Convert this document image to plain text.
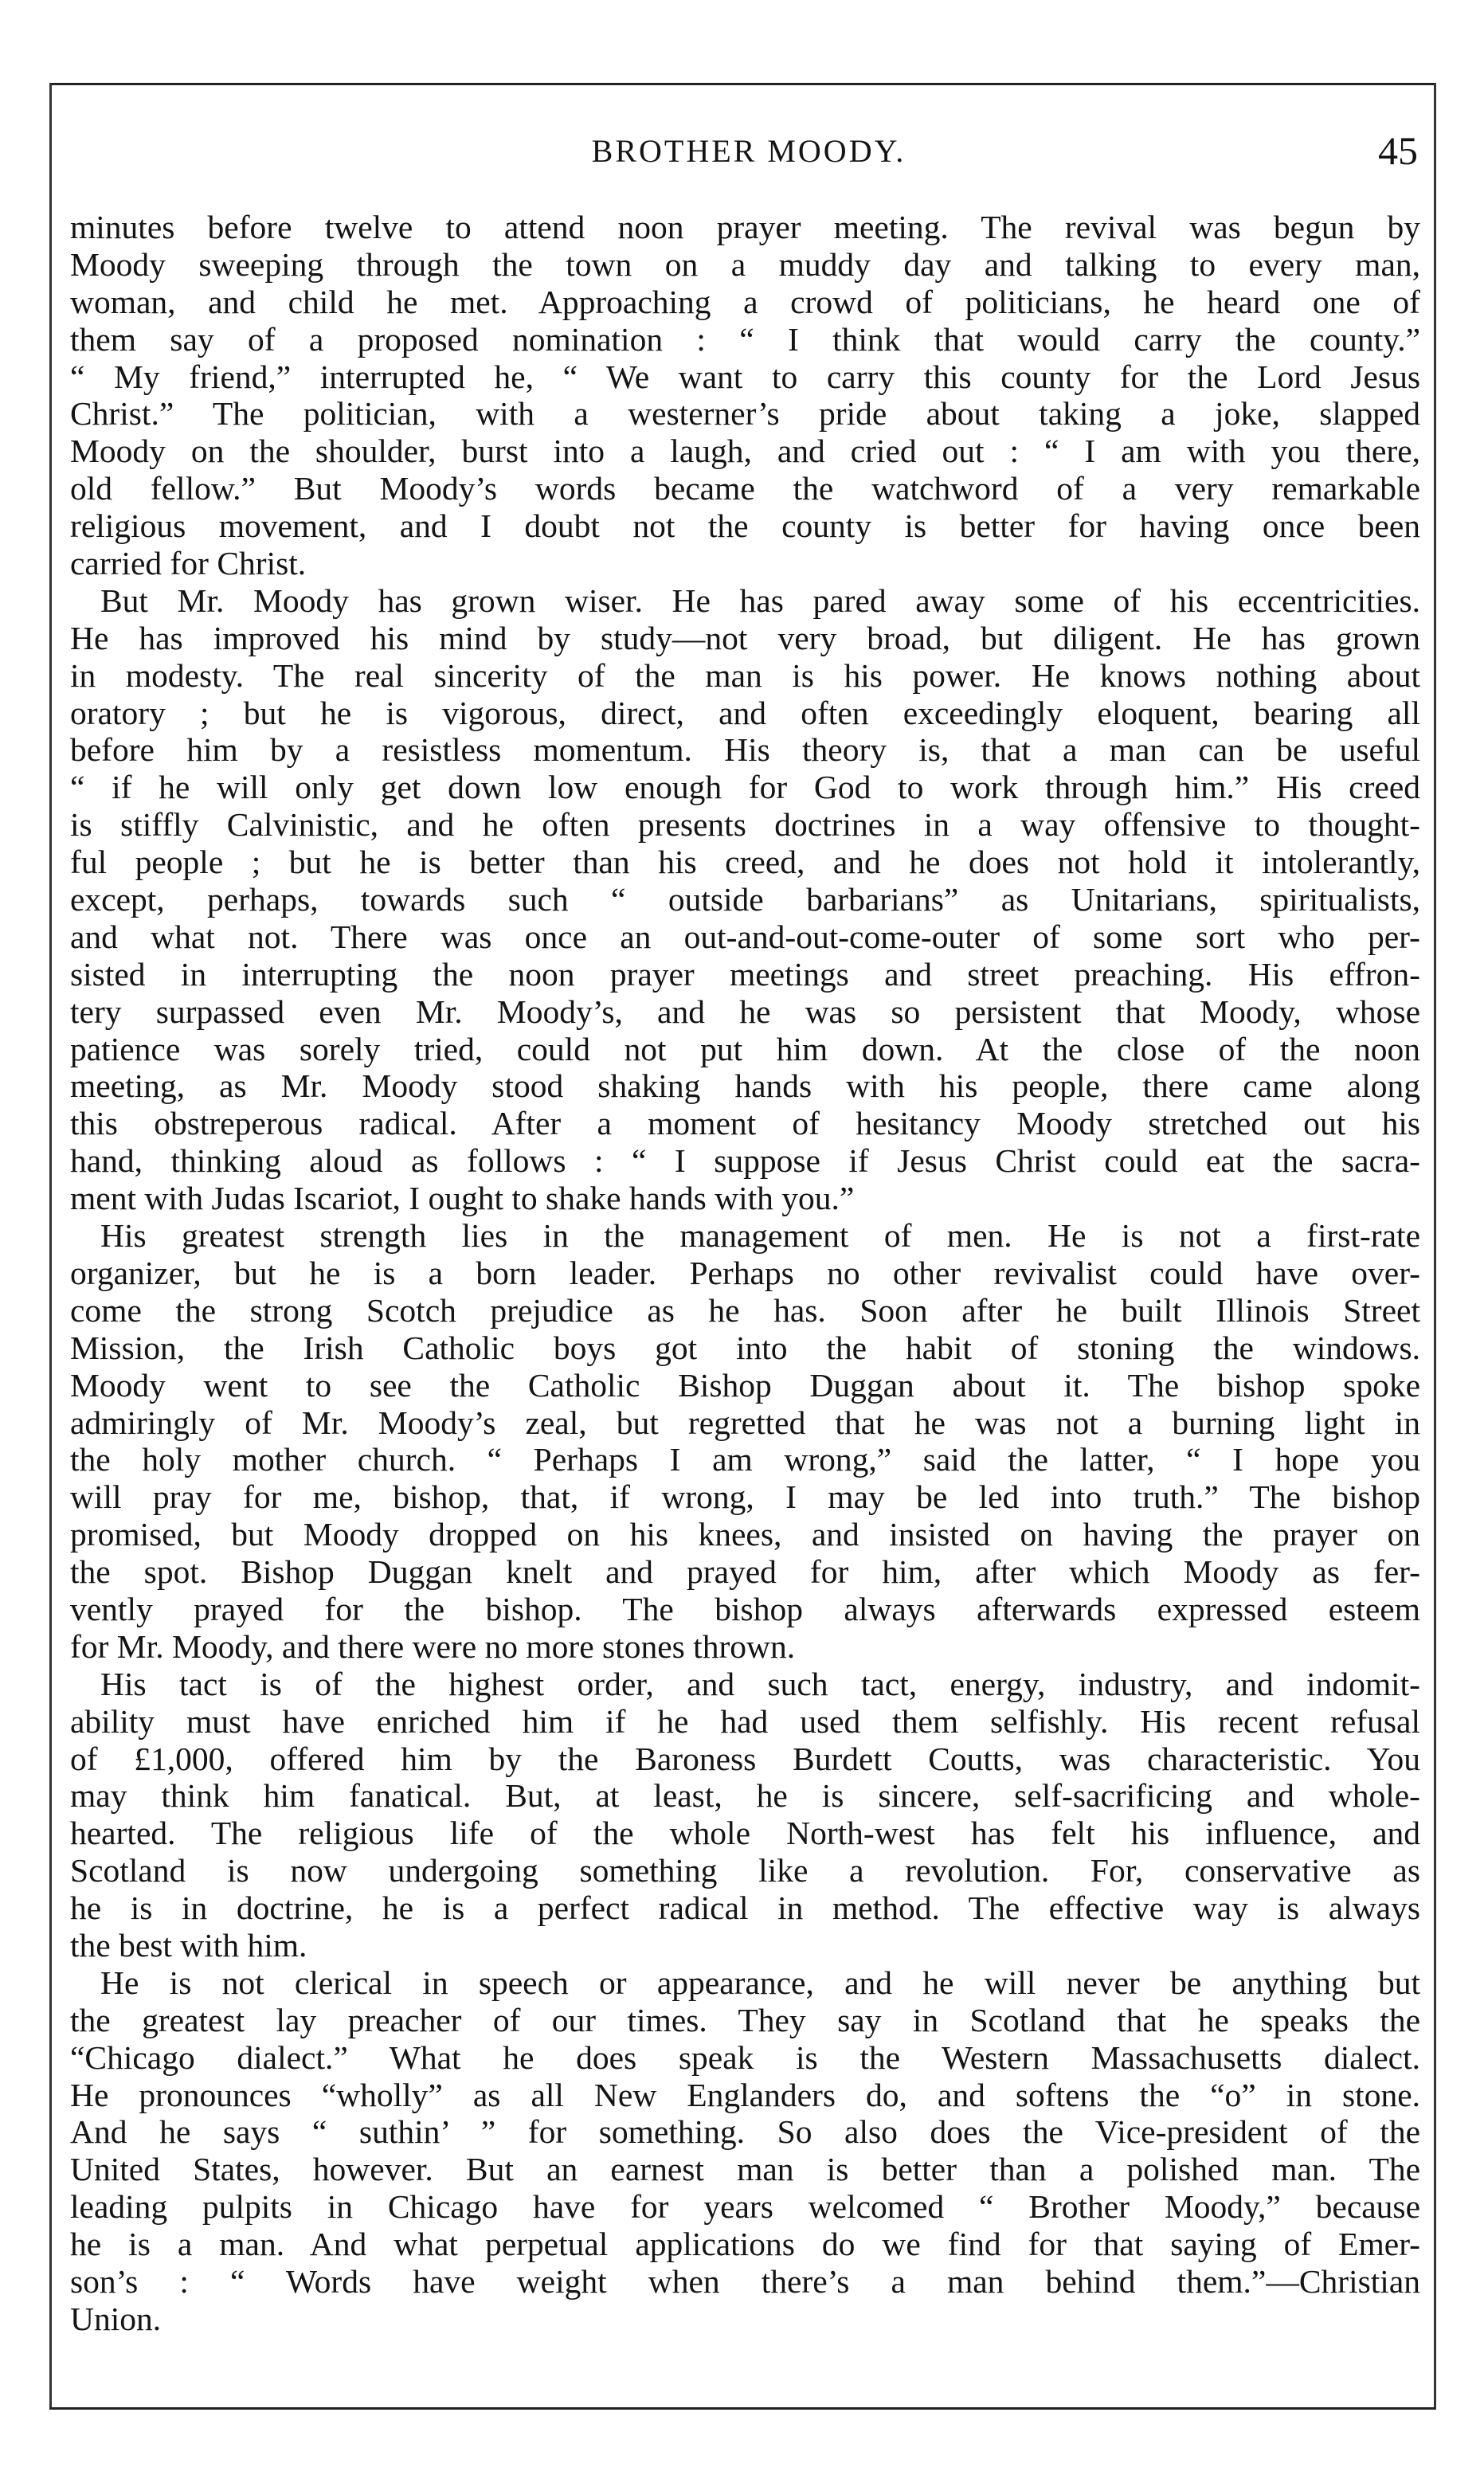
BROTHER MOODY.	45
minutes before twelve to attend noon prayer meeting. The revival was begun by
Moody sweeping through the town on a muddy day and talking to every man,
woman, and child he met. Approaching a crowd of politicians, he heard one of
them say of a proposed nomination : “ I think that would carry the county.”
“ My friend,” interrupted he, “ We want to carry this county for the Lord Jesus
Christ.” The politician, with a westerner’s pride about taking a joke, slapped
Moody on the shoulder, burst into a laugh, and cried out : “ I am with you there,
old fellow.” But Moody’s words became the watchword of a very remarkable
religious movement, and I doubt not the county is better for having once been
carried for Christ.
But Mr. Moody has grown wiser. He has pared away some of his eccentricities.
He has improved his mind by study—not very broad, but diligent. He has grown
in modesty. The real sincerity of the man is his power. He knows nothing about
oratory ; but he is vigorous, direct, and often exceedingly eloquent, bearing all
before him by a resistless momentum. His theory is, that a man can be useful
“ if he will only get down low enough for God to work through him.” His creed
is stiffly Calvinistic, and he often presents doctrines in a way offensive to thought-
ful people ; but he is better than his creed, and he does not hold it intolerantly,
except, perhaps, towards such “ outside barbarians” as Unitarians, spiritualists,
and what not. There was once an out-and-out-come-outer of some sort who per-
sisted in interrupting the noon prayer meetings and street preaching. His effron-
tery surpassed even Mr. Moody’s, and he was so persistent that Moody, whose
patience was sorely tried, could not put him down. At the close of the noon
meeting, as Mr. Moody stood shaking hands with his people, there came along
this obstreperous radical. After a moment of hesitancy Moody stretched out his
hand, thinking aloud as follows : “ I suppose if Jesus Christ could eat the sacra-
ment with Judas Iscariot, I ought to shake hands with you.”
His greatest strength lies in the management of men. He is not a first-rate
organizer, but he is a born leader. Perhaps no other revivalist could have over-
come the strong Scotch prejudice as he has. Soon after he built Illinois Street
Mission, the Irish Catholic boys got into the habit of stoning the windows.
Moody went to see the Catholic Bishop Duggan about it. The bishop spoke
admiringly of Mr. Moody’s zeal, but regretted that he was not a burning light in
the holy mother church. “ Perhaps I am wrong,” said the latter, “ I hope you
will pray for me, bishop, that, if wrong, I may be led into truth.” The bishop
promised, but Moody dropped on his knees, and insisted on having the prayer on
the spot. Bishop Duggan knelt and prayed for him, after which Moody as fer-
vently prayed for the bishop. The bishop always afterwards expressed esteem
for Mr. Moody, and there were no more stones thrown.
His tact is of the highest order, and such tact, energy, industry, and indomit-
ability must have enriched him if he had used them selfishly. His recent refusal
of £1,000, offered him by the Baroness Burdett Coutts, was characteristic. You
may think him fanatical. But, at least, he is sincere, self-sacrificing and whole-
hearted. The religious life of the whole North-west has felt his influence, and
Scotland is now undergoing something like a revolution. For, conservative as
he is in doctrine, he is a perfect radical in method. The effective way is always
the best with him.
He is not clerical in speech or appearance, and he will never be anything but
the greatest lay preacher of our times. They say in Scotland that he speaks the
“Chicago dialect.” What he does speak is the Western Massachusetts dialect.
He pronounces “wholly” as all New Englanders do, and softens the “o” in stone.
And he says “ suthin’ ” for something. So also does the Vice-president of the
United States, however. But an earnest man is better than a polished man. The
leading pulpits in Chicago have for years welcomed “ Brother Moody,” because
he is a man. And what perpetual applications do we find for that saying of Emer-
son’s : “ Words have weight when there’s a man behind them.”—Christian
Union.
